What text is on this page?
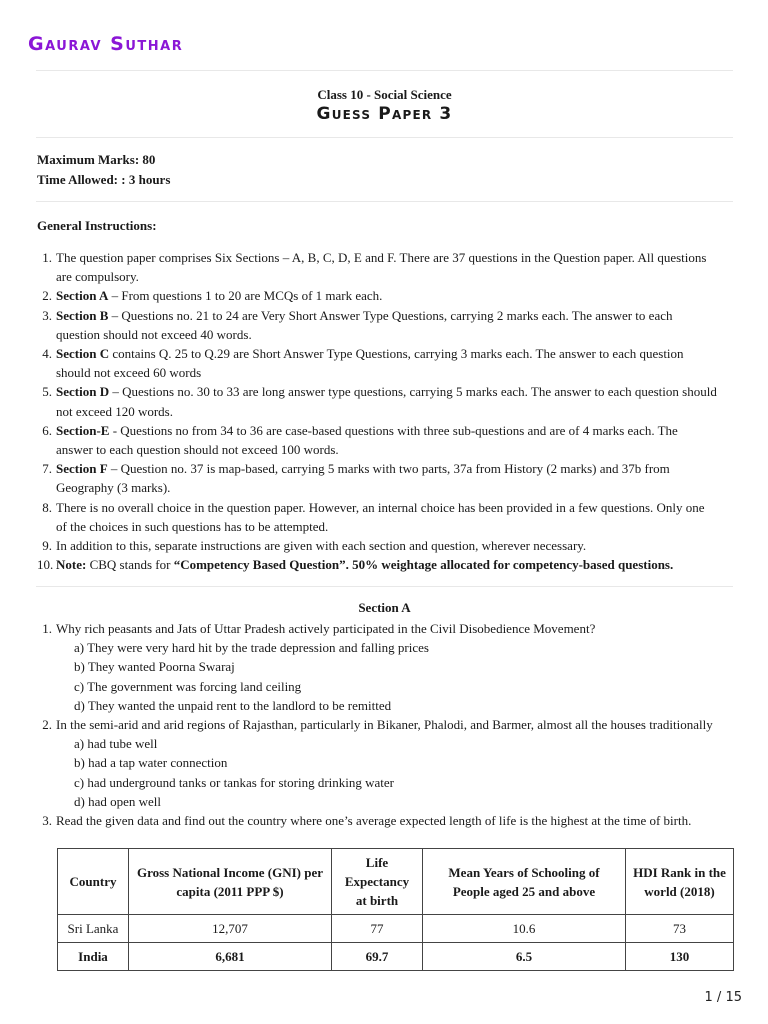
Gaurav Suthar
Class 10 - Social Science
Guess Paper 3
Maximum Marks: 80
Time Allowed: : 3 hours
General Instructions:
1. The question paper comprises Six Sections – A, B, C, D, E and F. There are 37 questions in the Question paper. All questions are compulsory.
2. Section A – From questions 1 to 20 are MCQs of 1 mark each.
3. Section B – Questions no. 21 to 24 are Very Short Answer Type Questions, carrying 2 marks each. The answer to each question should not exceed 40 words.
4. Section C contains Q. 25 to Q.29 are Short Answer Type Questions, carrying 3 marks each. The answer to each question should not exceed 60 words
5. Section D – Questions no. 30 to 33 are long answer type questions, carrying 5 marks each. The answer to each question should not exceed 120 words.
6. Section-E - Questions no from 34 to 36 are case-based questions with three sub-questions and are of 4 marks each. The answer to each question should not exceed 100 words.
7. Section F – Question no. 37 is map-based, carrying 5 marks with two parts, 37a from History (2 marks) and 37b from Geography (3 marks).
8. There is no overall choice in the question paper. However, an internal choice has been provided in a few questions. Only one of the choices in such questions has to be attempted.
9. In addition to this, separate instructions are given with each section and question, wherever necessary.
10. Note: CBQ stands for “Competency Based Question”. 50% weightage allocated for competency-based questions.
Section A
1. Why rich peasants and Jats of Uttar Pradesh actively participated in the Civil Disobedience Movement?
a) They were very hard hit by the trade depression and falling prices
b) They wanted Poorna Swaraj
c) The government was forcing land ceiling
d) They wanted the unpaid rent to the landlord to be remitted
2. In the semi-arid and arid regions of Rajasthan, particularly in Bikaner, Phalodi, and Barmer, almost all the houses traditionally
a) had tube well
b) had a tap water connection
c) had underground tanks or tankas for storing drinking water
d) had open well
3. Read the given data and find out the country where one’s average expected length of life is the highest at the time of birth.
Country	Gross National Income (GNI) per capita (2011 PPP $)	Life Expectancy at birth	Mean Years of Schooling of People aged 25 and above	HDI Rank in the world (2018)
Sri Lanka	12,707	77	10.6	73
India	6,681	69.7	6.5	130
1 / 15
